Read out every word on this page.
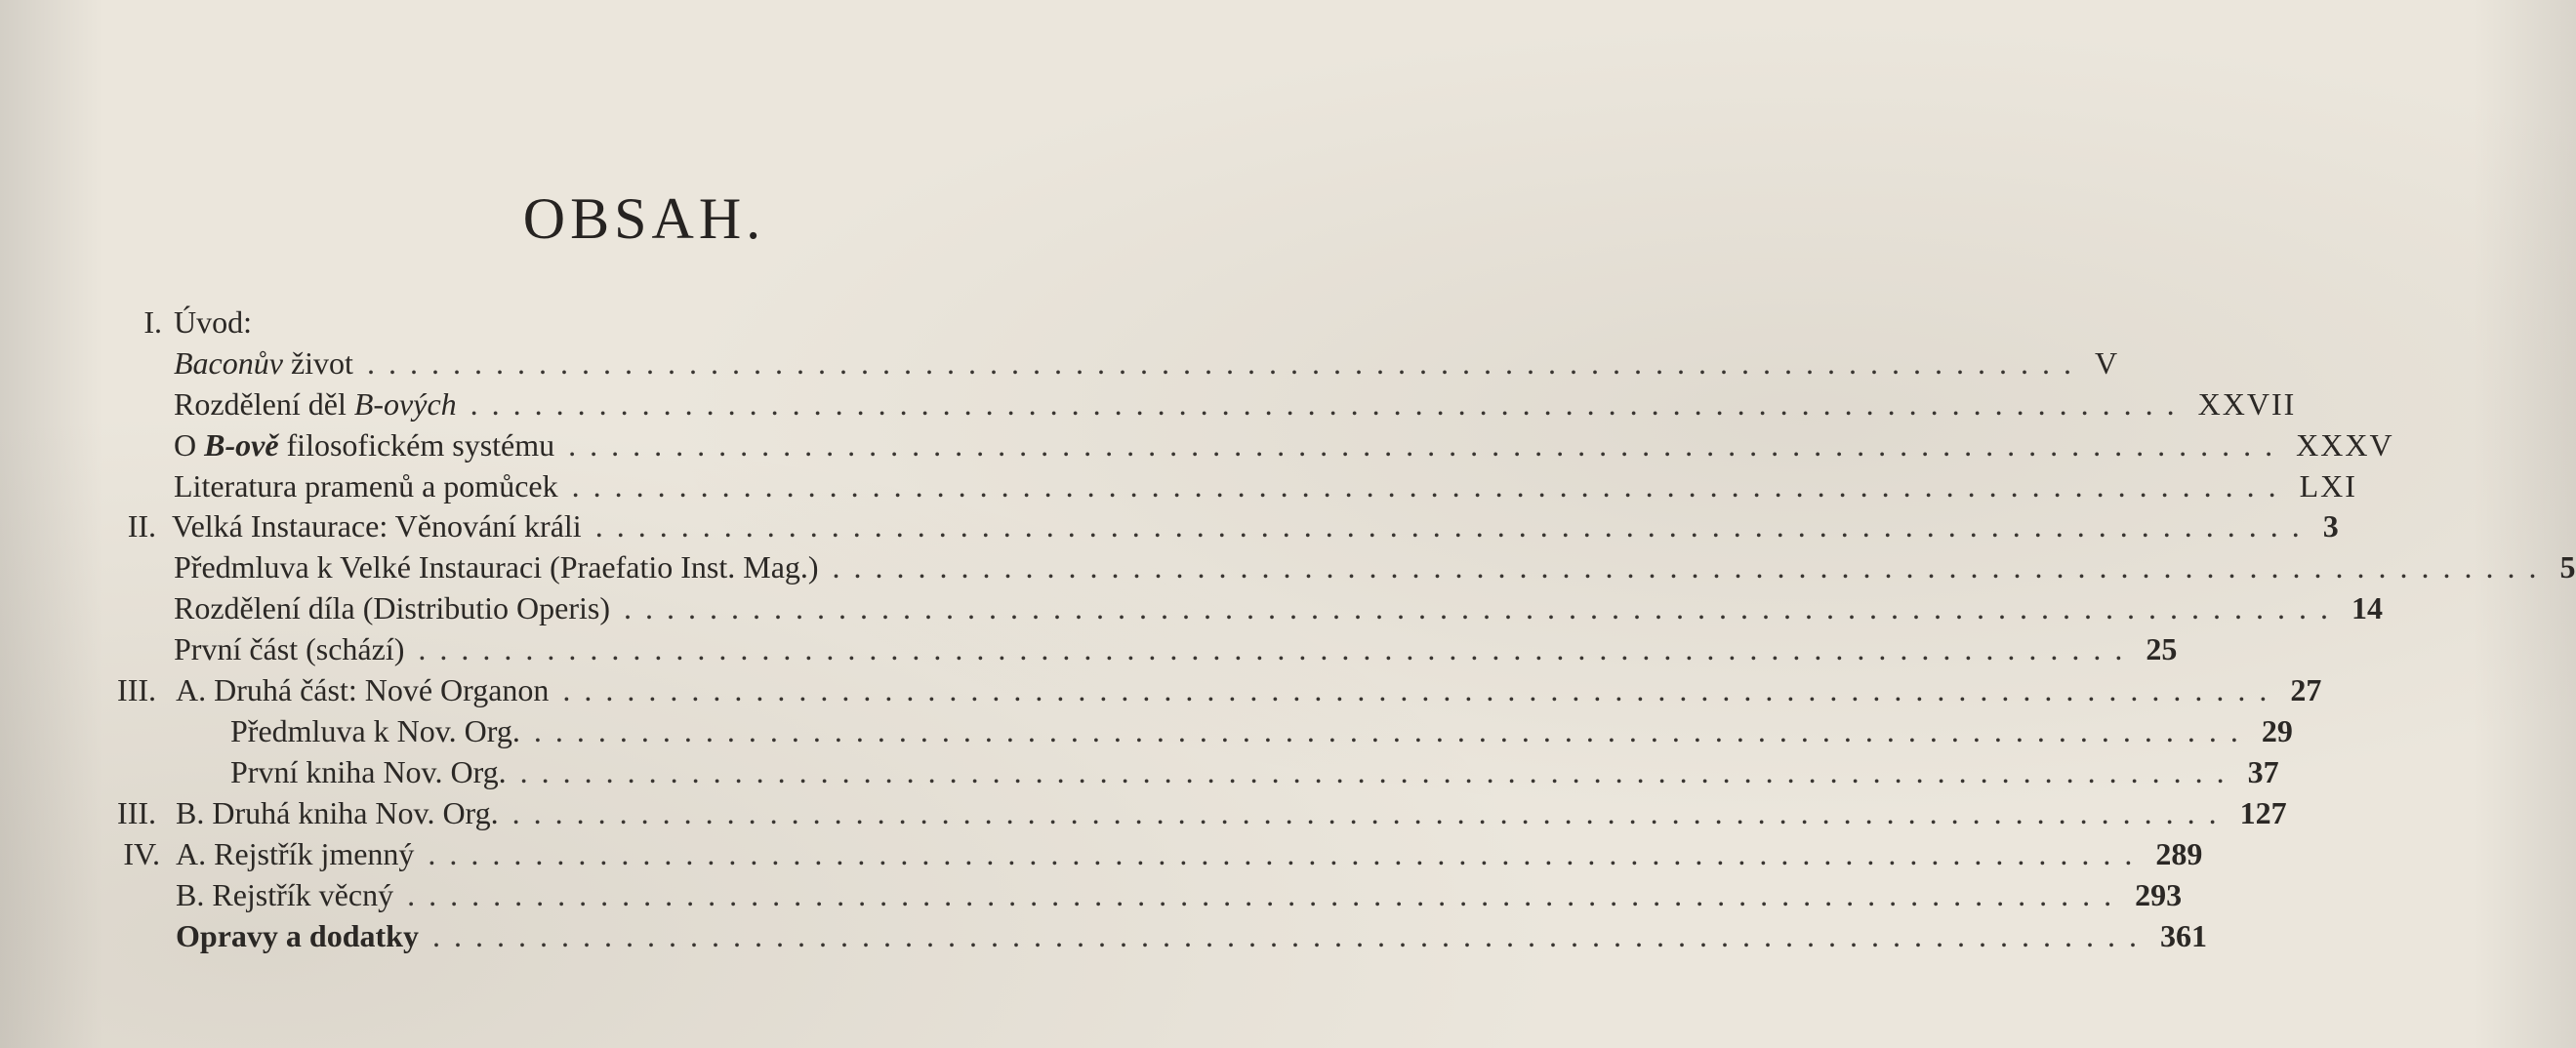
OBSAH.
I. Úvod:
Baconův život ................................................................................ V
Rozdělení děl B-ových ................................................................................ XXVII
O B-ově filosofickém systému ................................................................................ XXXV
Literatura pramenů a pomůcek ................................................................................ LXI
II. Velká Instaurace: Věnování králi ................................................................................ 3
Předmluva k Velké Instauraci (Praefatio Inst. Mag.) ................................................................................ 5
Rozdělení díla (Distributio Operis) ................................................................................ 14
První část (schází) ................................................................................ 25
III. A. Druhá část: Nové Organon ................................................................................ 27
Předmluva k Nov. Org. ................................................................................ 29
První kniha Nov. Org. ................................................................................ 37
III. B. Druhá kniha Nov. Org. ................................................................................ 127
IV. A. Rejstřík jmenný ................................................................................ 289
B. Rejstřík věcný ................................................................................ 293
Opravy a dodatky ................................................................................ 361
